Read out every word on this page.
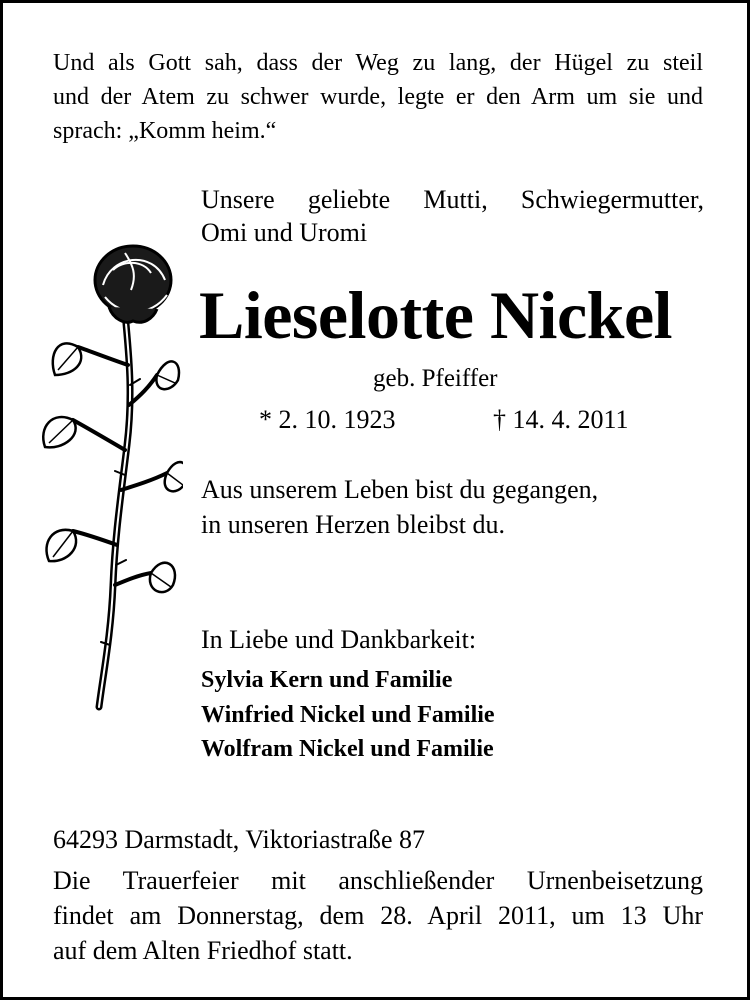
Und als Gott sah, dass der Weg zu lang, der Hügel zu steil
und der Atem zu schwer wurde, legte er den Arm um sie und
sprach: „Komm heim.“
Unsere geliebte Mutti, Schwiegermutter,
Omi und Uromi
Lieselotte Nickel
geb. Pfeiffer
* 2. 10. 1923	† 14. 4. 2011
Aus unserem Leben bist du gegangen,
in unseren Herzen bleibst du.
In Liebe und Dankbarkeit:
Sylvia Kern und Familie
Winfried Nickel und Familie
Wolfram Nickel und Familie
64293 Darmstadt, Viktoriastraße 87
Die Trauerfeier mit anschließender Urnenbeisetzung
findet am Donnerstag, dem 28. April 2011, um 13 Uhr
auf dem Alten Friedhof statt.
